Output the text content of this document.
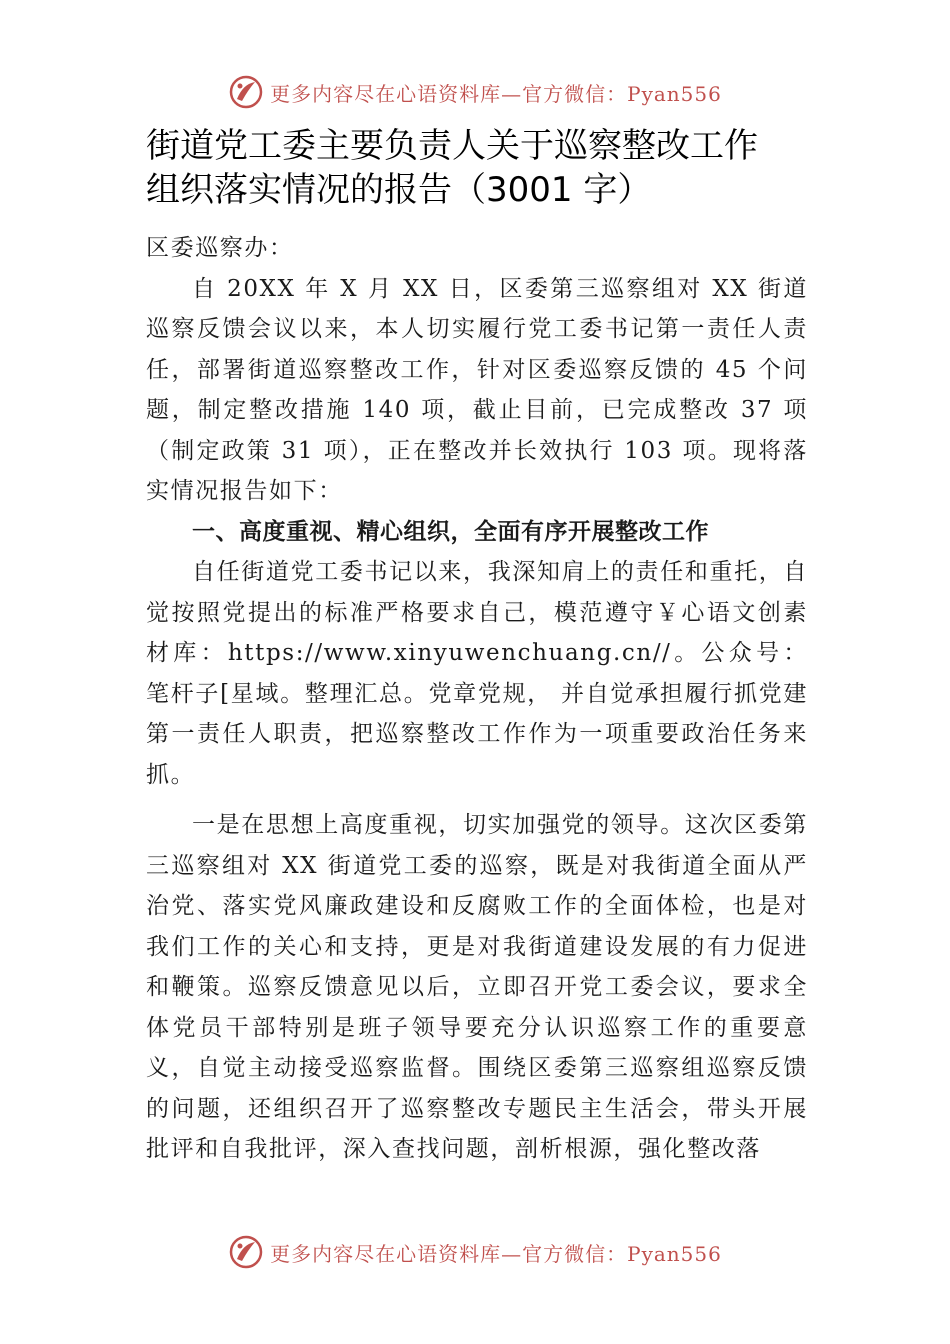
更多内容尽在心语资料库—官方微信：Pyan556
街道党工委主要负责人关于巡察整改工作
组织落实情况的报告（3001 字）

区委巡察办：

自 20XX 年 X 月 XX 日，区委第三巡察组对 XX 街道巡察反馈会议以来，本人切实履行党工委书记第一责任人责任，部署街道巡察整改工作，针对区委巡察反馈的 45 个问题，制定整改措施 140 项，截止目前，已完成整改 37 项（制定政策 31 项），正在整改并长效执行 103 项。现将落实情况报告如下：

一、高度重视、精心组织，全面有序开展整改工作

自任街道党工委书记以来，我深知肩上的责任和重托，自觉按照党提出的标准严格要求自己，模范遵守￥心语文创素材库：https://www.xinyuwenchuang.cn//。公众号：笔杆子[星域。整理汇总。党章党规， 并自觉承担履行抓党建第一责任人职责，把巡察整改工作作为一项重要政治任务来抓。

一是在思想上高度重视，切实加强党的领导。这次区委第三巡察组对 XX 街道党工委的巡察，既是对我街道全面从严治党、落实党风廉政建设和反腐败工作的全面体检，也是对我们工作的关心和支持，更是对我街道建设发展的有力促进和鞭策。巡察反馈意见以后，立即召开党工委会议，要求全体党员干部特别是班子领导要充分认识巡察工作的重要意义，自觉主动接受巡察监督。围绕区委第三巡察组巡察反馈的问题，还组织召开了巡察整改专题民主生活会，带头开展批评和自我批评，深入查找问题，剖析根源，强化整改落

更多内容尽在心语资料库—官方微信：Pyan556
